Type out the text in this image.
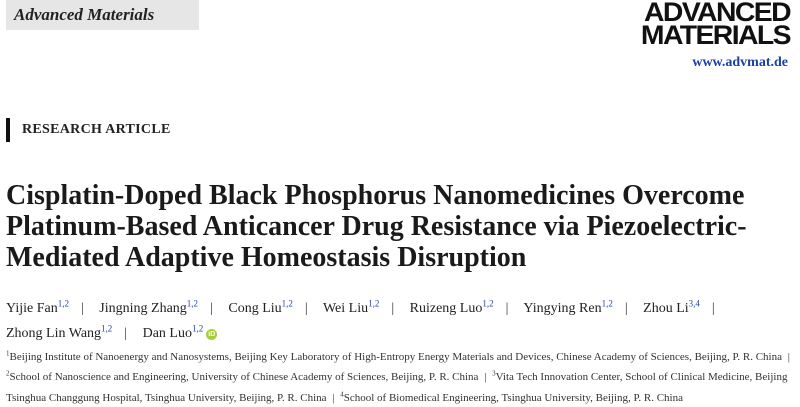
Advanced Materials	ADVANCED
MATERIALS
www.advmat.de
RESEARCH ARTICLE
Cisplatin-Doped Black Phosphorus Nanomedicines Overcome Platinum-Based Anticancer Drug Resistance via Piezoelectric-Mediated Adaptive Homeostasis Disruption
Yijie Fan$^{1,2}$ | Jingning Zhang$^{1,2}$ | Cong Liu$^{1,2}$ | Wei Liu$^{1,2}$ | Ruizeng Luo$^{1,2}$ | Yingying Ren$^{1,2}$ | Zhou Li$^{3,4}$ |
Zhong Lin Wang$^{1,2}$ | Dan Luo$^{1,2}$iD
$^1$Beijing Institute of Nanoenergy and Nanosystems, Beijing Key Laboratory of High-Entropy Energy Materials and Devices, Chinese Academy of Sciences, Beijing, P. R. China | $^2$School of Nanoscience and Engineering, University of Chinese Academy of Sciences, Beijing, P. R. China | $^3$Vita Tech Innovation Center, School of Clinical Medicine, Beijing Tsinghua Changgung Hospital, Tsinghua University, Beijing, P. R. China | $^4$School of Biomedical Engineering, Tsinghua University, Beijing, P. R. China
